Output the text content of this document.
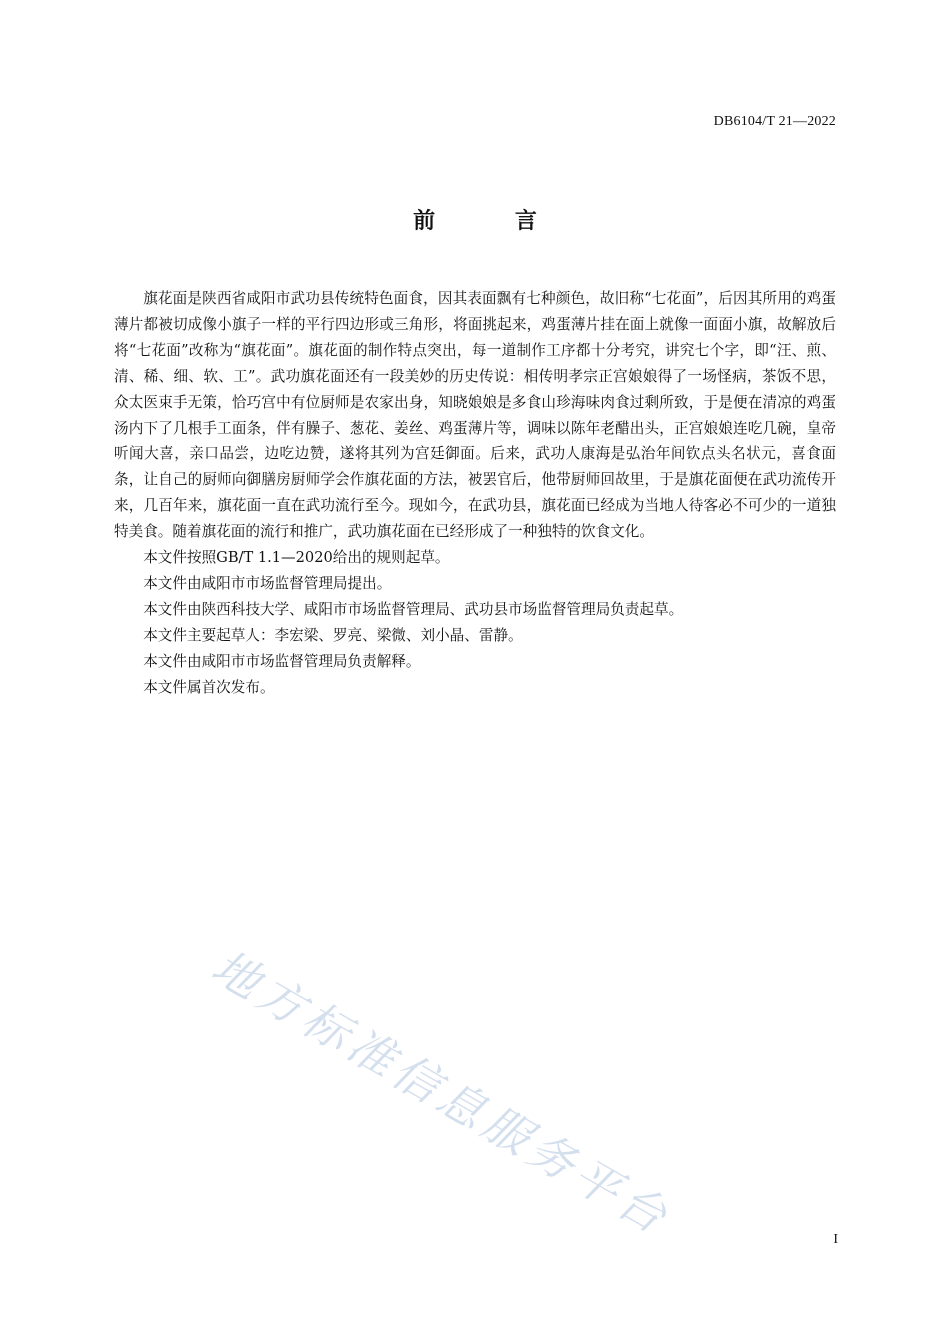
DB6104/T 21—2022
前 言

旗花面是陕西省咸阳市武功县传统特色面食，因其表面飘有七种颜色，故旧称“七花面”，后因其所用的鸡蛋薄片都被切成像小旗子一样的平行四边形或三角形，将面挑起来，鸡蛋薄片挂在面上就像一面面小旗，故解放后将“七花面”改称为“旗花面”。旗花面的制作特点突出，每一道制作工序都十分考究，讲究七个字，即“汪、煎、清、稀、细、软、工”。武功旗花面还有一段美妙的历史传说：相传明孝宗正宫娘娘得了一场怪病，茶饭不思，众太医束手无策，恰巧宫中有位厨师是农家出身，知晓娘娘是多食山珍海味肉食过剩所致，于是便在清凉的鸡蛋汤内下了几根手工面条，伴有臊子、葱花、姜丝、鸡蛋薄片等，调味以陈年老醋出头，正宫娘娘连吃几碗，皇帝听闻大喜，亲口品尝，边吃边赞，遂将其列为宫廷御面。后来，武功人康海是弘治年间钦点头名状元，喜食面条，让自己的厨师向御膳房厨师学会作旗花面的方法，被罢官后，他带厨师回故里，于是旗花面便在武功流传开来，几百年来，旗花面一直在武功流行至今。现如今，在武功县，旗花面已经成为当地人待客必不可少的一道独特美食。随着旗花面的流行和推广，武功旗花面在已经形成了一种独特的饮食文化。

本文件按照GB/T 1.1—2020给出的规则起草。

本文件由咸阳市市场监督管理局提出。

本文件由陕西科技大学、咸阳市市场监督管理局、武功县市场监督管理局负责起草。

本文件主要起草人：李宏梁、罗亮、梁微、刘小晶、雷静。

本文件由咸阳市市场监督管理局负责解释。

本文件属首次发布。

地方标准信息服务平台	I
